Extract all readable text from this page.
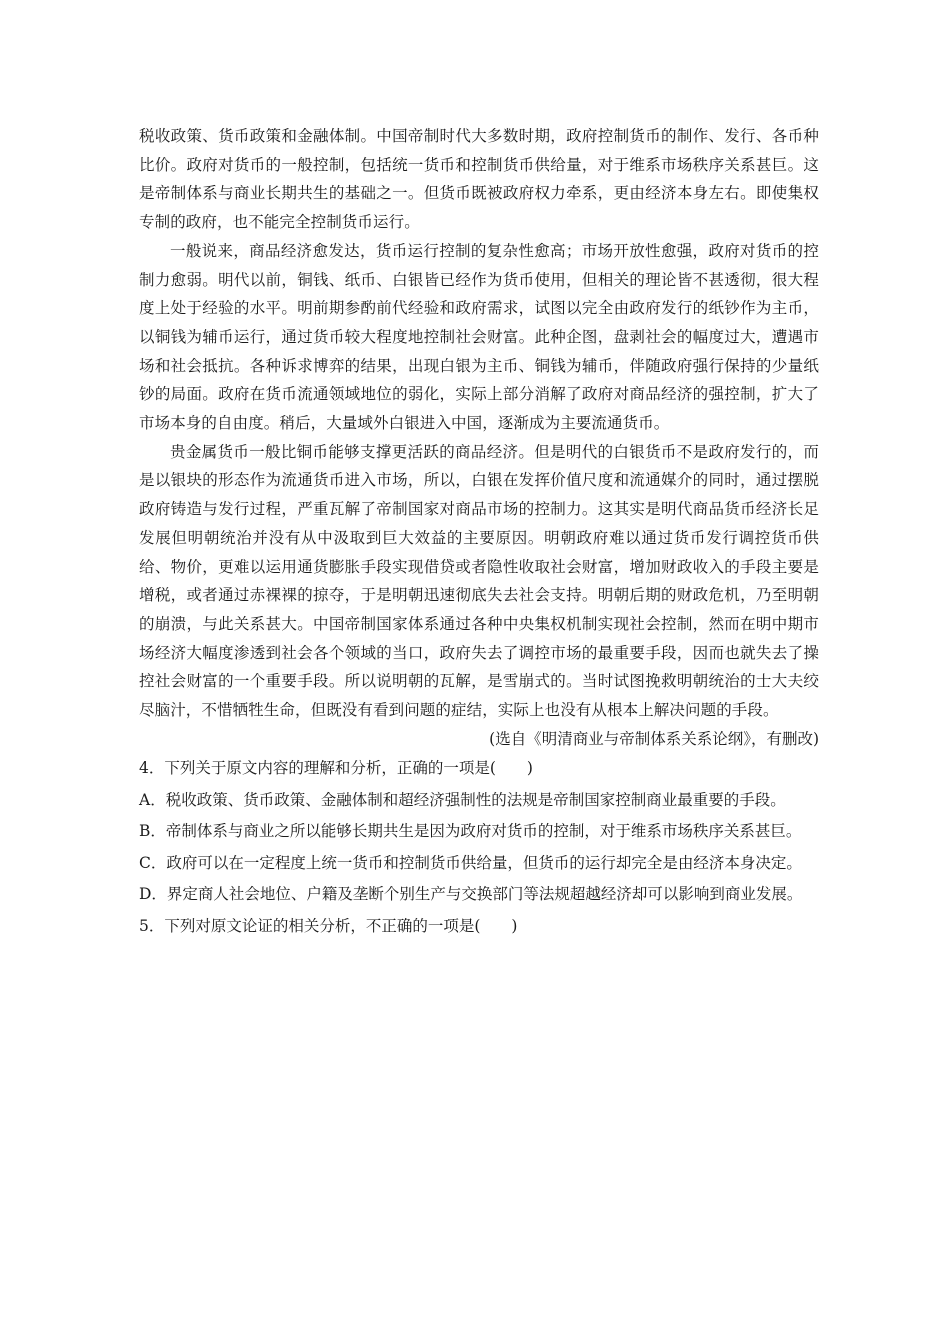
税收政策、货币政策和金融体制。中国帝制时代大多数时期，政府控制货币的制作、发行、各币种比价。政府对货币的一般控制，包括统一货币和控制货币供给量，对于维系市场秩序关系甚巨。这是帝制体系与商业长期共生的基础之一。但货币既被政府权力牵系，更由经济本身左右。即使集权专制的政府，也不能完全控制货币运行。

一般说来，商品经济愈发达，货币运行控制的复杂性愈高；市场开放性愈强，政府对货币的控制力愈弱。明代以前，铜钱、纸币、白银皆已经作为货币使用，但相关的理论皆不甚透彻，很大程度上处于经验的水平。明前期参酌前代经验和政府需求，试图以完全由政府发行的纸钞作为主币，以铜钱为辅币运行，通过货币较大程度地控制社会财富。此种企图，盘剥社会的幅度过大，遭遇市场和社会抵抗。各种诉求博弈的结果，出现白银为主币、铜钱为辅币，伴随政府强行保持的少量纸钞的局面。政府在货币流通领域地位的弱化，实际上部分消解了政府对商品经济的强控制，扩大了市场本身的自由度。稍后，大量域外白银进入中国，逐渐成为主要流通货币。

贵金属货币一般比铜币能够支撑更活跃的商品经济。但是明代的白银货币不是政府发行的，而是以银块的形态作为流通货币进入市场，所以，白银在发挥价值尺度和流通媒介的同时，通过摆脱政府铸造与发行过程，严重瓦解了帝制国家对商品市场的控制力。这其实是明代商品货币经济长足发展但明朝统治并没有从中汲取到巨大效益的主要原因。明朝政府难以通过货币发行调控货币供给、物价，更难以运用通货膨胀手段实现借贷或者隐性收取社会财富，增加财政收入的手段主要是增税，或者通过赤裸裸的掠夺，于是明朝迅速彻底失去社会支持。明朝后期的财政危机，乃至明朝的崩溃，与此关系甚大。中国帝制国家体系通过各种中央集权机制实现社会控制，然而在明中期市场经济大幅度渗透到社会各个领域的当口，政府失去了调控市场的最重要手段，因而也就失去了操控社会财富的一个重要手段。所以说明朝的瓦解，是雪崩式的。当时试图挽救明朝统治的士大夫绞尽脑汁，不惜牺牲生命，但既没有看到问题的症结，实际上也没有从根本上解决问题的手段。

(选自《明清商业与帝制体系关系论纲》，有删改)

4．下列关于原文内容的理解和分析，正确的一项是(　　)

A．税收政策、货币政策、金融体制和超经济强制性的法规是帝制国家控制商业最重要的手段。

B．帝制体系与商业之所以能够长期共生是因为政府对货币的控制，对于维系市场秩序关系甚巨。

C．政府可以在一定程度上统一货币和控制货币供给量，但货币的运行却完全是由经济本身决定。

D．界定商人社会地位、户籍及垄断个别生产与交换部门等法规超越经济却可以影响到商业发展。

5．下列对原文论证的相关分析，不正确的一项是(　　)
